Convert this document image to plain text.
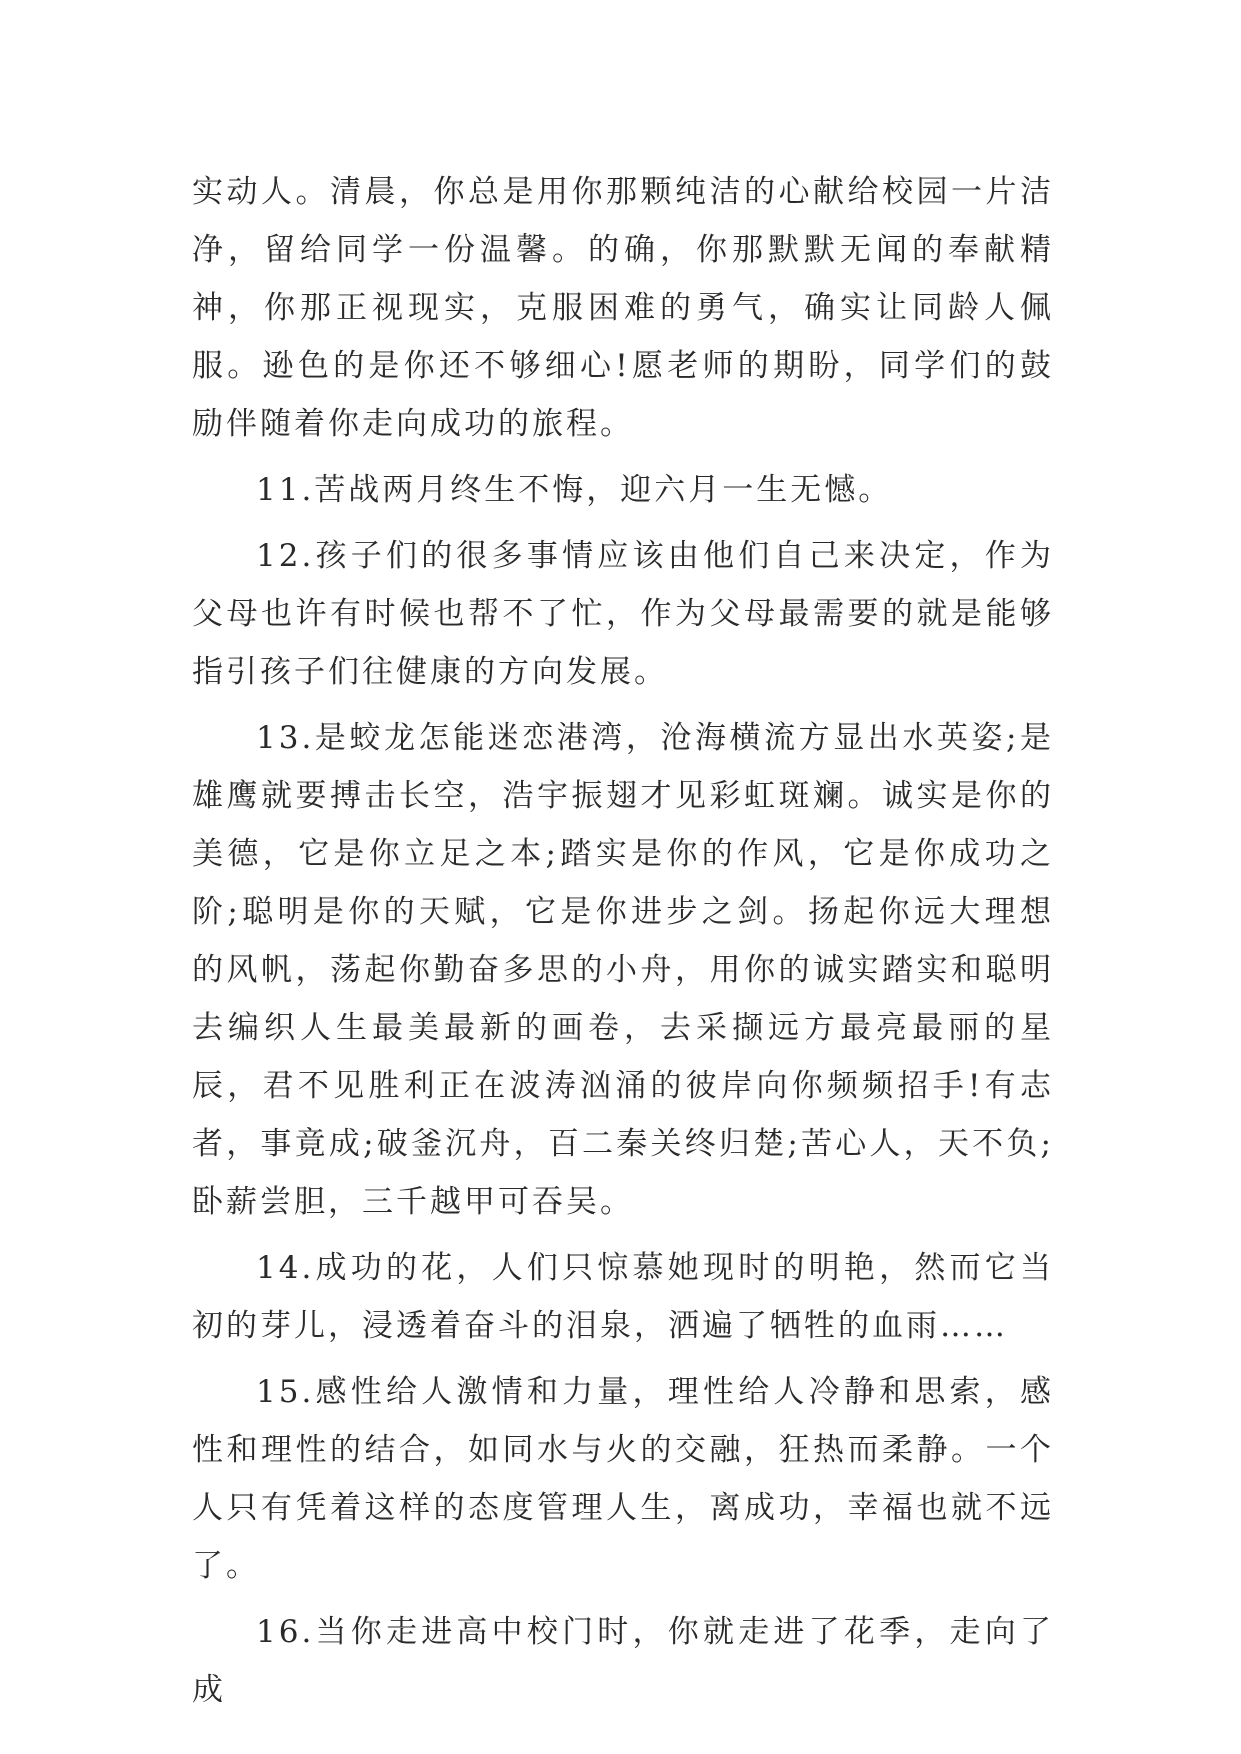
实动人。清晨，你总是用你那颗纯洁的心献给校园一片洁净，留给同学一份温馨。的确，你那默默无闻的奉献精神，你那正视现实，克服困难的勇气，确实让同龄人佩服。逊色的是你还不够细心!愿老师的期盼，同学们的鼓励伴随着你走向成功的旅程。

11.苦战两月终生不悔，迎六月一生无憾。

12.孩子们的很多事情应该由他们自己来决定，作为父母也许有时候也帮不了忙，作为父母最需要的就是能够指引孩子们往健康的方向发展。

13.是蛟龙怎能迷恋港湾，沧海横流方显出水英姿;是雄鹰就要搏击长空，浩宇振翅才见彩虹斑斓。诚实是你的美德，它是你立足之本;踏实是你的作风，它是你成功之阶;聪明是你的天赋，它是你进步之剑。扬起你远大理想的风帆，荡起你勤奋多思的小舟，用你的诚实踏实和聪明去编织人生最美最新的画卷，去采撷远方最亮最丽的星辰，君不见胜利正在波涛汹涌的彼岸向你频频招手!有志者，事竟成;破釜沉舟，百二秦关终归楚;苦心人，天不负;卧薪尝胆，三千越甲可吞吴。

14.成功的花，人们只惊慕她现时的明艳，然而它当初的芽儿，浸透着奋斗的泪泉，洒遍了牺牲的血雨……

15.感性给人激情和力量，理性给人冷静和思索，感性和理性的结合，如同水与火的交融，狂热而柔静。一个人只有凭着这样的态度管理人生，离成功，幸福也就不远了。

16.当你走进高中校门时，你就走进了花季，走向了成
